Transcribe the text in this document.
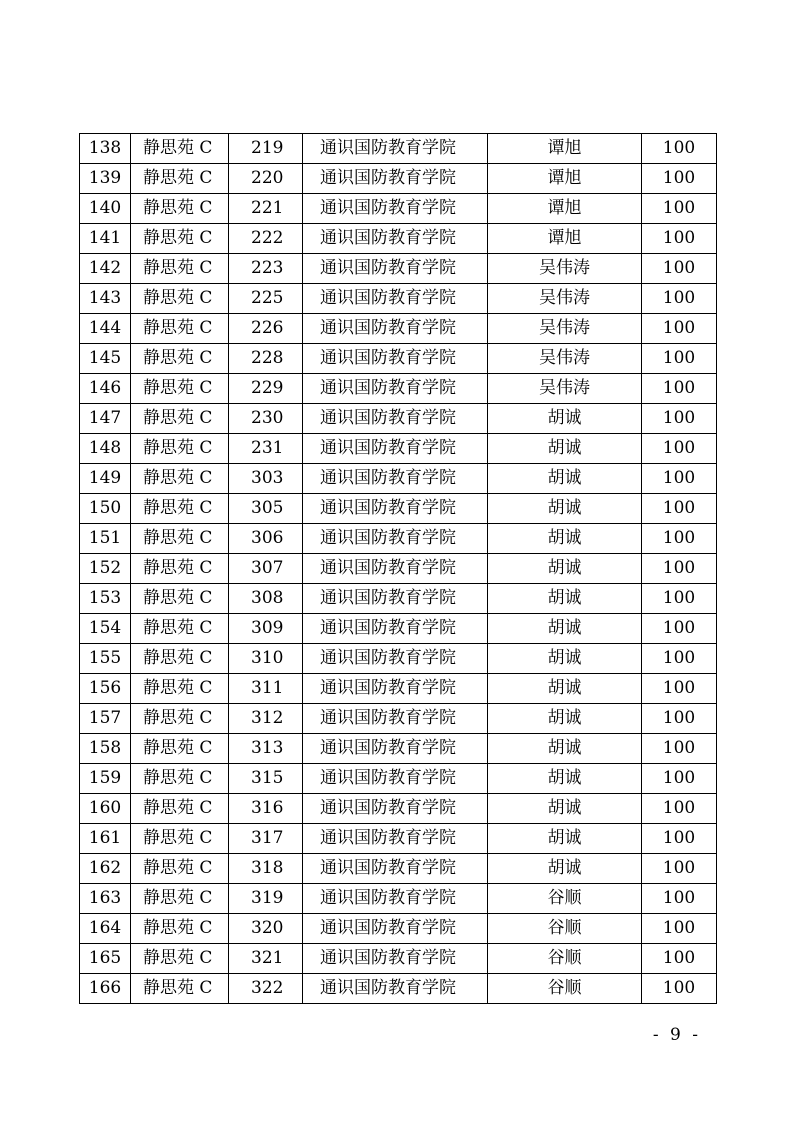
138	静思苑 C	219	通识国防教育学院	谭旭	100
139	静思苑 C	220	通识国防教育学院	谭旭	100
140	静思苑 C	221	通识国防教育学院	谭旭	100
141	静思苑 C	222	通识国防教育学院	谭旭	100
142	静思苑 C	223	通识国防教育学院	吴伟涛	100
143	静思苑 C	225	通识国防教育学院	吴伟涛	100
144	静思苑 C	226	通识国防教育学院	吴伟涛	100
145	静思苑 C	228	通识国防教育学院	吴伟涛	100
146	静思苑 C	229	通识国防教育学院	吴伟涛	100
147	静思苑 C	230	通识国防教育学院	胡诚	100
148	静思苑 C	231	通识国防教育学院	胡诚	100
149	静思苑 C	303	通识国防教育学院	胡诚	100
150	静思苑 C	305	通识国防教育学院	胡诚	100
151	静思苑 C	306	通识国防教育学院	胡诚	100
152	静思苑 C	307	通识国防教育学院	胡诚	100
153	静思苑 C	308	通识国防教育学院	胡诚	100
154	静思苑 C	309	通识国防教育学院	胡诚	100
155	静思苑 C	310	通识国防教育学院	胡诚	100
156	静思苑 C	311	通识国防教育学院	胡诚	100
157	静思苑 C	312	通识国防教育学院	胡诚	100
158	静思苑 C	313	通识国防教育学院	胡诚	100
159	静思苑 C	315	通识国防教育学院	胡诚	100
160	静思苑 C	316	通识国防教育学院	胡诚	100
161	静思苑 C	317	通识国防教育学院	胡诚	100
162	静思苑 C	318	通识国防教育学院	胡诚	100
163	静思苑 C	319	通识国防教育学院	谷顺	100
164	静思苑 C	320	通识国防教育学院	谷顺	100
165	静思苑 C	321	通识国防教育学院	谷顺	100
166	静思苑 C	322	通识国防教育学院	谷顺	100
- 9 -
